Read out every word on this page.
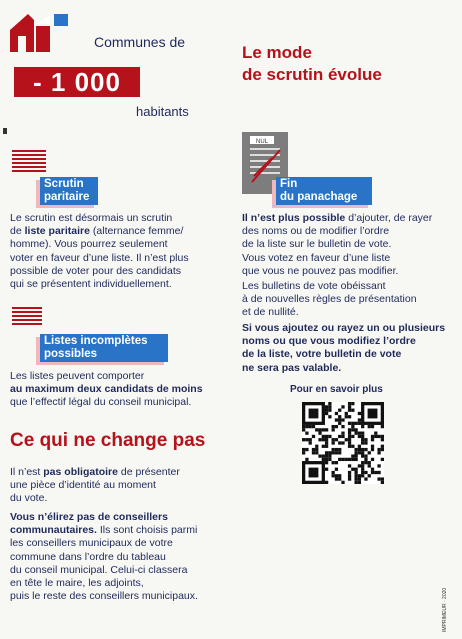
Communes de
- 1 000
habitants
Le mode
de scrutin évolue
Scrutin
paritaire
Le scrutin est désormais un scrutin
de liste paritaire (alternance femme/
homme). Vous pourrez seulement
voter en faveur d’une liste. Il n’est plus
possible de voter pour des candidats
qui se présentent individuellement.
Listes incomplètes
possibles
Les listes peuvent comporter
au maximum deux candidats de moins
que l’effectif légal du conseil municipal.
Ce qui ne change pas
Il n’est pas obligatoire de présenter
une pièce d’identité au moment
du vote.
Vous n’élirez pas de conseillers
communautaires. Ils sont choisis parmi
les conseillers municipaux de votre
commune dans l’ordre du tableau
du conseil municipal. Celui-ci classera
en tête le maire, les adjoints,
puis le reste des conseillers municipaux.
NUL
Fin
du panachage
Il n’est plus possible d’ajouter, de rayer
des noms ou de modifier l’ordre
de la liste sur le bulletin de vote.
Vous votez en faveur d’une liste
que vous ne pouvez pas modifier.
Les bulletins de vote obéissant
à de nouvelles règles de présentation
et de nullité.
Si vous ajoutez ou rayez un ou plusieurs
noms ou que vous modifiez l’ordre
de la liste, votre bulletin de vote
ne sera pas valable.
Pour en savoir plus
IMPRIMEUR · 2020
